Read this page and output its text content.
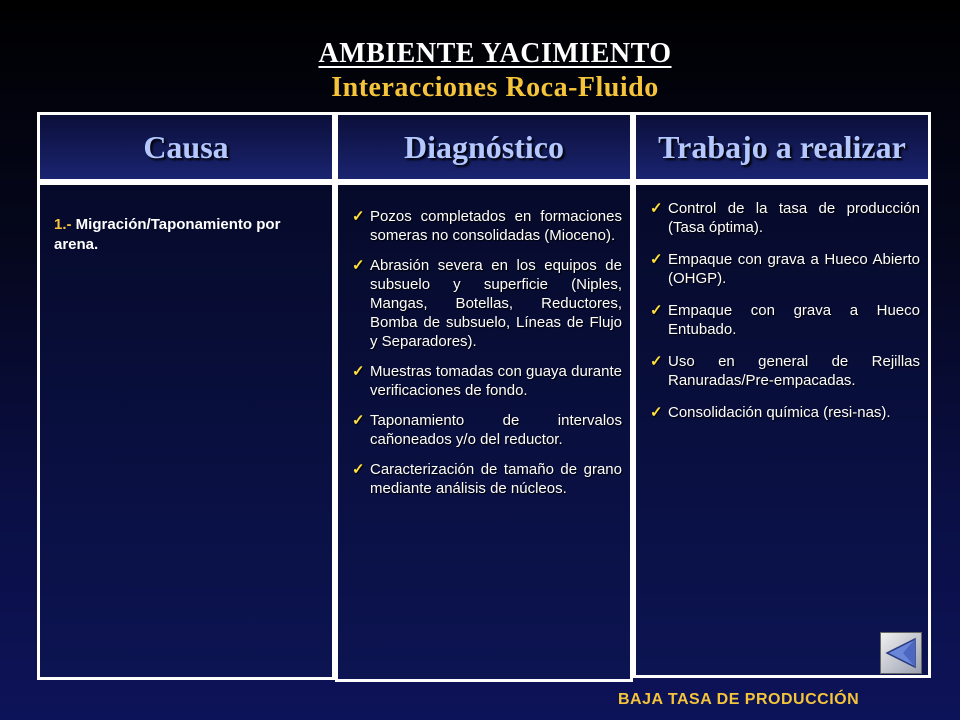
AMBIENTE YACIMIENTO
Interacciones Roca-Fluido
Causa	Diagnóstico	Trabajo a realizar
1.- Migración/Taponamiento por arena.
✓ Pozos completados en formaciones someras no consolidadas (Mioceno).
✓ Abrasión severa en los equipos de subsuelo y superficie (Niples, Mangas, Botellas, Reductores, Bomba de subsuelo, Líneas de Flujo y Separadores).
✓ Muestras tomadas con guaya durante verificaciones de fondo.
✓ Taponamiento de intervalos cañoneados y/o del reductor.
✓ Caracterización de tamaño de grano mediante análisis de núcleos.
✓ Control de la tasa de producción (Tasa óptima).
✓ Empaque con grava a Hueco Abierto (OHGP).
✓ Empaque con grava a Hueco Entubado.
✓ Uso en general de Rejillas Ranuradas/Pre-empacadas.
✓ Consolidación química (resi-nas).
BAJA TASA DE PRODUCCIÓN
